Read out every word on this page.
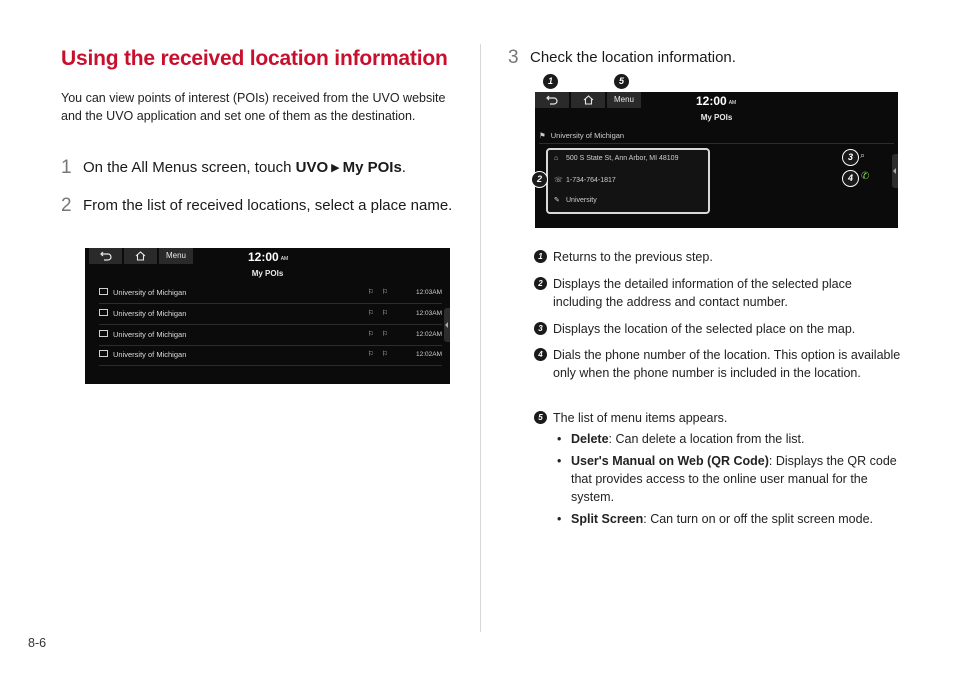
Using the received location information

You can view points of interest (POIs) received from the UVO website and the UVO application and set one of them as the destination.

1 On the All Menus screen, touch UVO ▶ My POIs.
2 From the list of received locations, select a place name.
Menu	12:00 AM
My POIs
University of Michigan	⚐⚐	12:03AM
University of Michigan	⚐⚐	12:03AM
University of Michigan	⚐⚐	12:02AM
University of Michigan	⚐⚐	12:02AM
3 Check the location information.
1	5
Menu	12:00 AM
My POIs
⚑ University of Michigan
⌂ 500 S State St, Ann Arbor, MI 48109
☏ 1-734-764-1817
✎ University
⌕
✆
2
3
4
1 Returns to the previous step.
2 Displays the detailed information of the selected place including the address and contact number.
3 Displays the location of the selected place on the map.
4 Dials the phone number of the location. This option is available only when the phone number is included in the location.
5 The list of menu items appears.
• Delete: Can delete a location from the list.
• User's Manual on Web (QR Code): Displays the QR code that provides access to the online user manual for the system.
• Split Screen: Can turn on or off the split screen mode.
8-6
